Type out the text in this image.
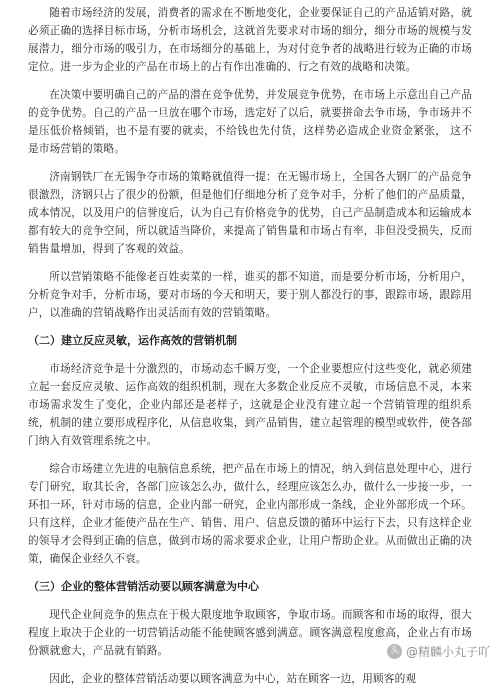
随着市场经济的发展，消费者的需求在不断地变化，企业要保证自己的产品适销对路，就必须正确的选择目标市场，分析市场机会，这就首先要求对市场的细分，细分市场的规模与发展潜力，细分市场的吸引力，在市场细分的基础上，为对付竞争者的战略进行较为正确的市场定位。进一步为企业的产品在市场上的占有作出准确的、行之有效的战略和决策。

在决策中要明确自己的产品的潜在竞争优势，并发展竞争优势，在市场上示意出自己产品的竞争优势。自己的产品一旦放在哪个市场，选定好了以后，就要拼命去争市场，争市场并不是压低价格倾销，也不是有要的就卖，不给钱也先付货，这样势必造成企业资金紧张， 这不是市场营销的策略。

济南钢铁厂在无锡争夺市场的策略就值得一提：在无锡市场上，全国各大钢厂的产品竞争很激烈，济钢只占了很少的份额，但是他们仔细地分析了竞争对手，分析了他们的产品质量，成本情况，以及用户的信誉度后，认为自己有价格竞争的优势，自己产品制造成本和运输成本都有较大的竞争空间，所以就适当降价，来提高了销售量和市场占有率，非但没受损失，反而销售量增加，得到了客观的效益。

所以营销策略不能像老百姓卖菜的一样，谁买的都不知道，而是要分析市场，分析用户，分析竞争对手，分析市场，要对市场的今天和明天，要于别人都没行的事，跟踪市场，跟踪用户，以准确的营销战略作出灵活而有效的营销策略。

（二）建立反应灵敏，运作高效的营销机制

市场经济竞争是十分激烈的，市场动态千瞬万变，一个企业要想应付这些变化，就必须建立起一套反应灵敏、运作高效的组织机制，现在大多数企业反应不灵敏，市场信息不灵，本来市场需求发生了变化，企业内部还是老样子，这就是企业没有建立起一个营销管理的组织系统，机制的建立要形成程序化，从信息收集，到产品销售，建立起管理的模型或软件，使各部门纳入有效管理系统之中。

综合市场建立先进的电脑信息系统，把产品在市场上的情况，纳入到信息处理中心，进行专门研究，取其长舍，各部门应该怎么办，做什么，经理应该怎么办，做什么一步接一步，一环扣一环，针对市场的信息，企业内部一研究，企业内部形成一条线，企业外部形成一个环。只有这样，企业才能使产品在生产、销售、用户、信息反馈的循环中运行下去，只有这样企业的领导才会得到正确的信息，做到市场的需求要求企业，让用户帮助企业。从而做出正确的决策，确保企业经久不衰。

（三）企业的整体营销活动要以顾客满意为中心

现代企业间竞争的焦点在于极大限度地争取顾客，争取市场。而顾客和市场的取得，很大程度上取决于企业的一切营销活动能不能使顾客感到满意。顾客满意程度愈高，企业占有市场份额就愈大，产品就有销路。

因此，企业的整体营销活动要以顾客满意为中心，站在顾客一边，用顾客的观

头 @精麟小丸子吖
